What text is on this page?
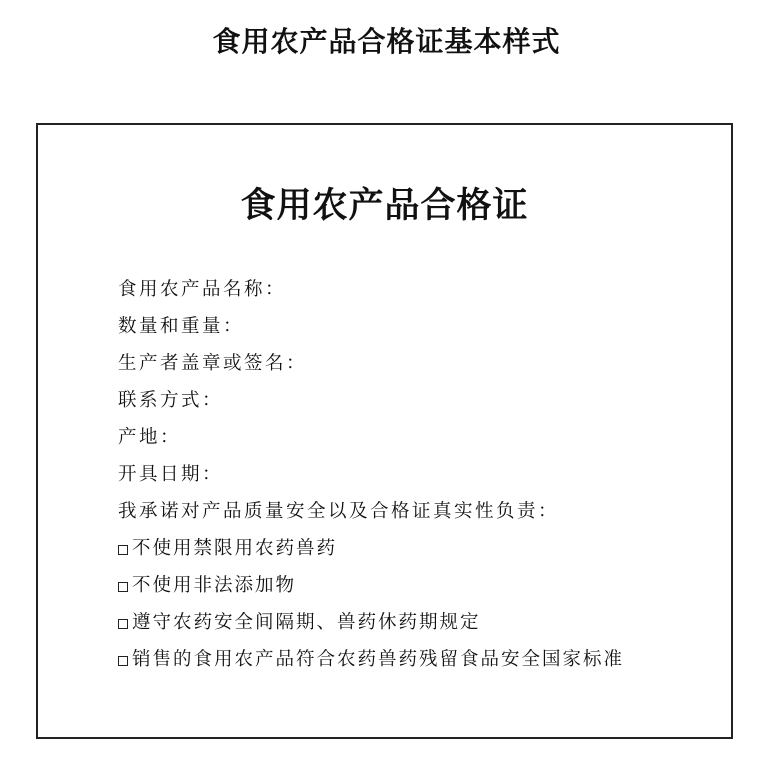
食用农产品合格证基本样式
食用农产品合格证
食用农产品名称：
数量和重量：
生产者盖章或签名：
联系方式：
产地：
开具日期：
我承诺对产品质量安全以及合格证真实性负责：
不使用禁限用农药兽药
不使用非法添加物
遵守农药安全间隔期、兽药休药期规定
销售的食用农产品符合农药兽药残留食品安全国家标准
